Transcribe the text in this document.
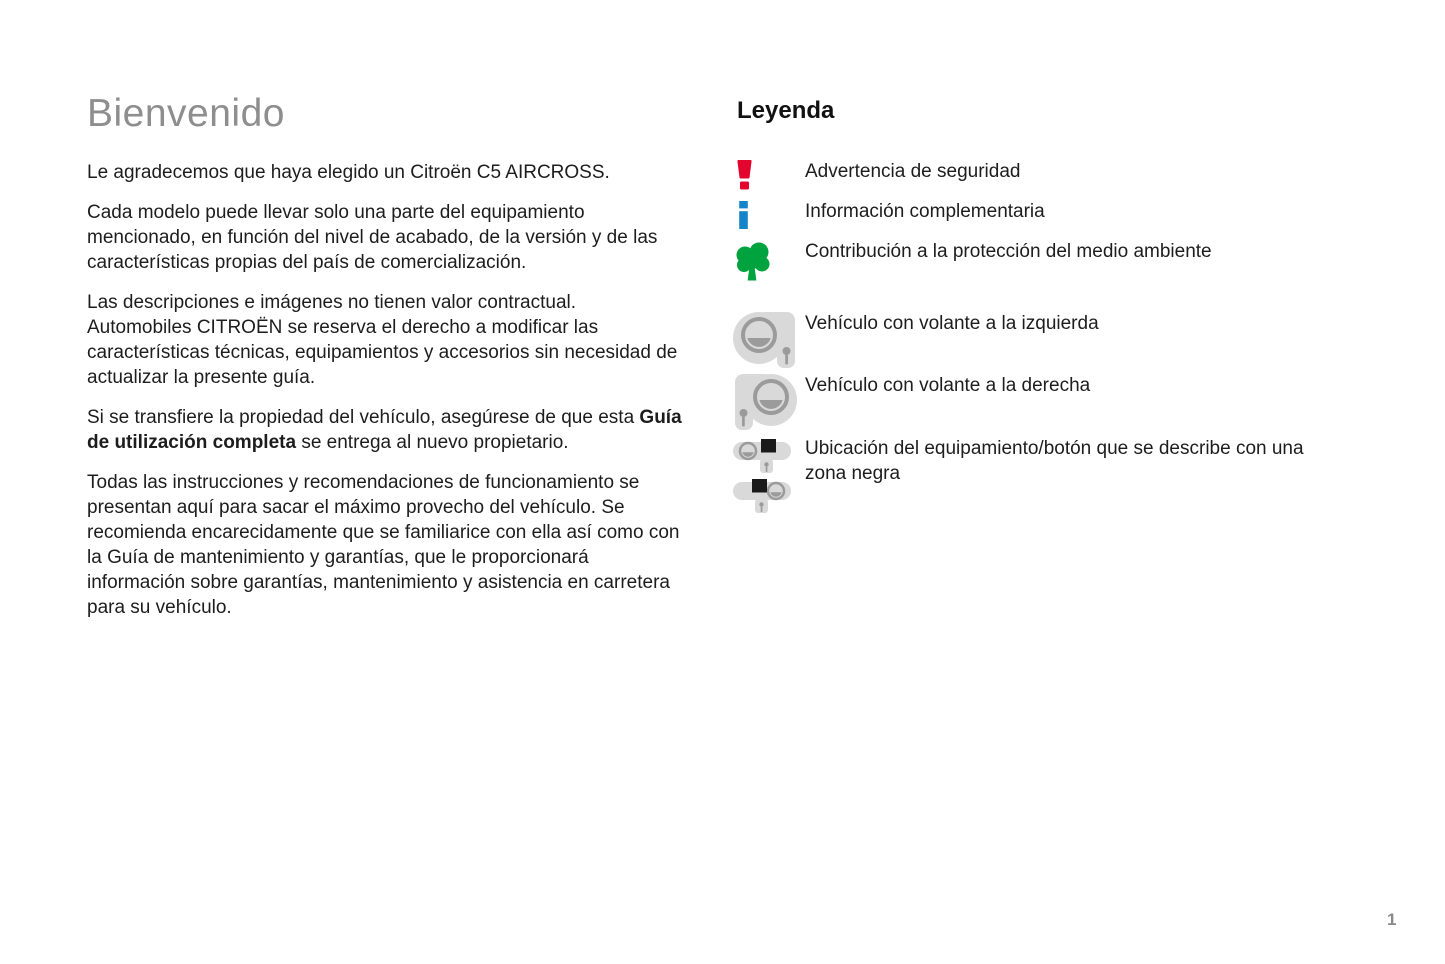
Bienvenido

Le agradecemos que haya elegido un Citroën C5 AIRCROSS.

Cada modelo puede llevar solo una parte del equipamiento mencionado, en función del nivel de acabado, de la versión y de las características propias del país de comercialización.

Las descripciones e imágenes no tienen valor contractual. Automobiles CITROËN se reserva el derecho a modificar las características técnicas, equipamientos y accesorios sin necesidad de actualizar la presente guía.

Si se transfiere la propiedad del vehículo, asegúrese de que esta Guía de utilización completa se entrega al nuevo propietario.

Todas las instrucciones y recomendaciones de funcionamiento se presentan aquí para sacar el máximo provecho del vehículo. Se recomienda encarecidamente que se familiarice con ella así como con la Guía de mantenimiento y garantías, que le proporcionará información sobre garantías, mantenimiento y asistencia en carretera para su vehículo.

Leyenda
Advertencia de seguridad
Información complementaria
Contribución a la protección del medio ambiente
Vehículo con volante a la izquierda
Vehículo con volante a la derecha
Ubicación del equipamiento/botón que se describe con una zona negra
1
